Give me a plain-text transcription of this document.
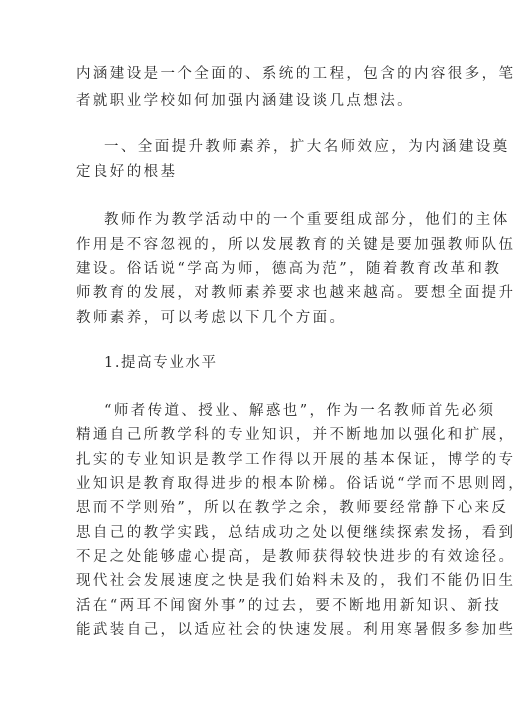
内涵建设是一个全面的、系统的工程，包含的内容很多，笔
者就职业学校如何加强内涵建设谈几点想法。
一、全面提升教师素养，扩大名师效应，为内涵建设奠
定良好的根基
教师作为教学活动中的一个重要组成部分，他们的主体
作用是不容忽视的，所以发展教育的关键是要加强教师队伍
建设。俗话说“学高为师，德高为范”，随着教育改革和教
师教育的发展，对教师素养要求也越来越高。要想全面提升
教师素养，可以考虑以下几个方面。
1.提高专业水平
“师者传道、授业、解惑也”，作为一名教师首先必须
精通自己所教学科的专业知识，并不断地加以强化和扩展，
扎实的专业知识是教学工作得以开展的基本保证，博学的专
业知识是教育取得进步的根本阶梯。俗话说“学而不思则罔，
思而不学则殆”，所以在教学之余，教师要经常静下心来反
思自己的教学实践，总结成功之处以便继续探索发扬，看到
不足之处能够虚心提高，是教师获得较快进步的有效途径。
现代社会发展速度之快是我们始料未及的，我们不能仍旧生
活在“两耳不闻窗外事”的过去，要不断地用新知识、新技
能武装自己，以适应社会的快速发展。利用寒暑假多参加些
